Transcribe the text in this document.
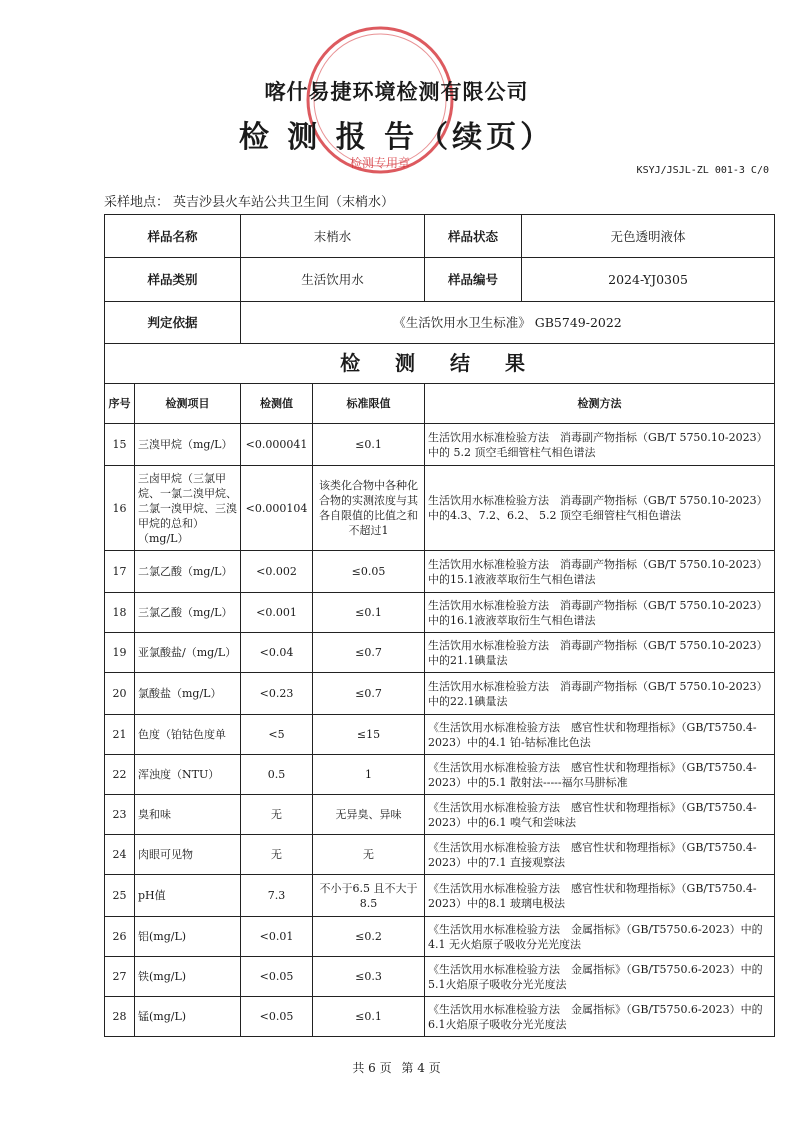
检测专用章
喀什易捷环境检测有限公司
检 测 报 告（续页）
KSYJ/JSJL-ZL 001-3 C/0
采样地点： 英吉沙县火车站公共卫生间（末梢水）
样品名称		末梢水		样品状态 无色透明液体

样品类别		生活饮用水		样品编号 2024-YJ0305

判定依据		《生活饮用水卫生标准》 GB5749-2022		
检 测 结 果				
序号	检测项目	检测值	标准限值	检测方法
15	三溴甲烷（mg/L）	<0.000041	≤0.1	生活饮用水标准检验方法　消毒副产物指标（GB/T 5750.10-2023）中的 5.2 顶空毛细管柱气相色谱法
16	三卤甲烷（三氯甲烷、一氯二溴甲烷、二氯一溴甲烷、三溴甲烷的总和）（mg/L）	<0.000104	该类化合物中各种化合物的实测浓度与其各自限值的比值之和不超过1	生活饮用水标准检验方法　消毒副产物指标（GB/T 5750.10-2023）中的4.3、7.2、6.2、 5.2 顶空毛细管柱气相色谱法
17	二氯乙酸（mg/L）	<0.002	≤0.05	生活饮用水标准检验方法　消毒副产物指标（GB/T 5750.10-2023）中的15.1液液萃取衍生气相色谱法
18	三氯乙酸（mg/L）	<0.001	≤0.1	生活饮用水标准检验方法　消毒副产物指标（GB/T 5750.10-2023）中的16.1液液萃取衍生气相色谱法
19	亚氯酸盐/（mg/L）	<0.04	≤0.7	生活饮用水标准检验方法　消毒副产物指标（GB/T 5750.10-2023）中的21.1碘量法
20	氯酸盐（mg/L）	<0.23	≤0.7	生活饮用水标准检验方法　消毒副产物指标（GB/T 5750.10-2023）中的22.1碘量法
21	色度（铂钴色度单	<5	≤15	《生活饮用水标准检验方法　感官性状和物理指标》（GB/T5750.4-2023）中的4.1 铂-钴标准比色法
22	浑浊度（NTU）	0.5	1	《生活饮用水标准检验方法　感官性状和物理指标》（GB/T5750.4-2023）中的5.1 散射法-----福尔马肼标准
23	臭和味	无	无异臭、异味	《生活饮用水标准检验方法　感官性状和物理指标》（GB/T5750.4-2023）中的6.1 嗅气和尝味法
24	肉眼可见物	无	无	《生活饮用水标准检验方法　感官性状和物理指标》（GB/T5750.4-2023）中的7.1 直接观察法
25	pH值	7.3	不小于6.5 且不大于8.5	《生活饮用水标准检验方法　感官性状和物理指标》（GB/T5750.4-2023）中的8.1 玻璃电极法
26	铝(mg/L)	<0.01	≤0.2	《生活饮用水标准检验方法　金属指标》（GB/T5750.6-2023）中的4.1 无火焰原子吸收分光光度法
27	铁(mg/L)	<0.05	≤0.3	《生活饮用水标准检验方法　金属指标》（GB/T5750.6-2023）中的 5.1火焰原子吸收分光光度法
28	锰(mg/L)	<0.05	≤0.1	《生活饮用水标准检验方法　金属指标》（GB/T5750.6-2023）中的 6.1火焰原子吸收分光光度法
共 6 页 第 4 页
